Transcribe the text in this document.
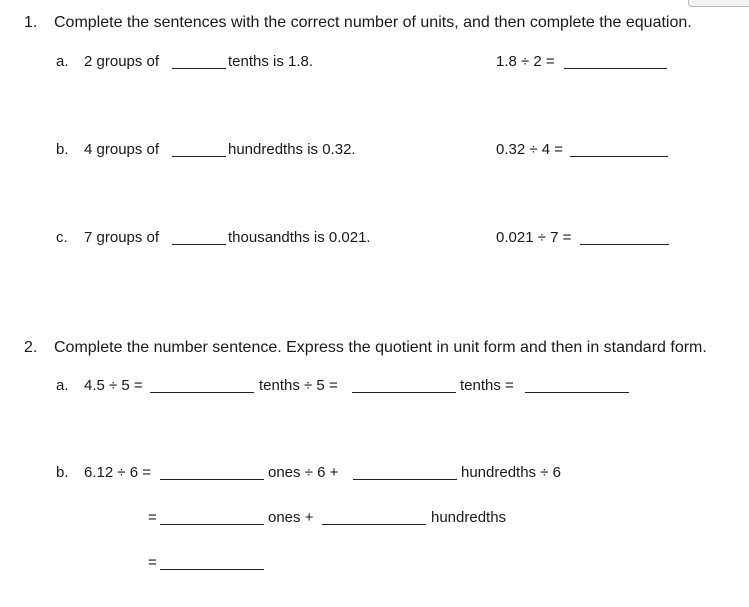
1. Complete the sentences with the correct number of units, and then complete the equation.
a. 2 groups of	tenths is 1.8.	1.8 ÷ 2 =
b. 4 groups of	hundredths is 0.32.	0.32 ÷ 4 =
c. 7 groups of	thousandths is 0.021.	0.021 ÷ 7 =
2. Complete the number sentence. Express the quotient in unit form and then in standard form.
a. 4.5 ÷ 5 =	tenths ÷ 5 =	tenths =
b. 6.12 ÷ 6 =	ones ÷ 6 +	hundredths ÷ 6
=	ones +	hundredths
=
